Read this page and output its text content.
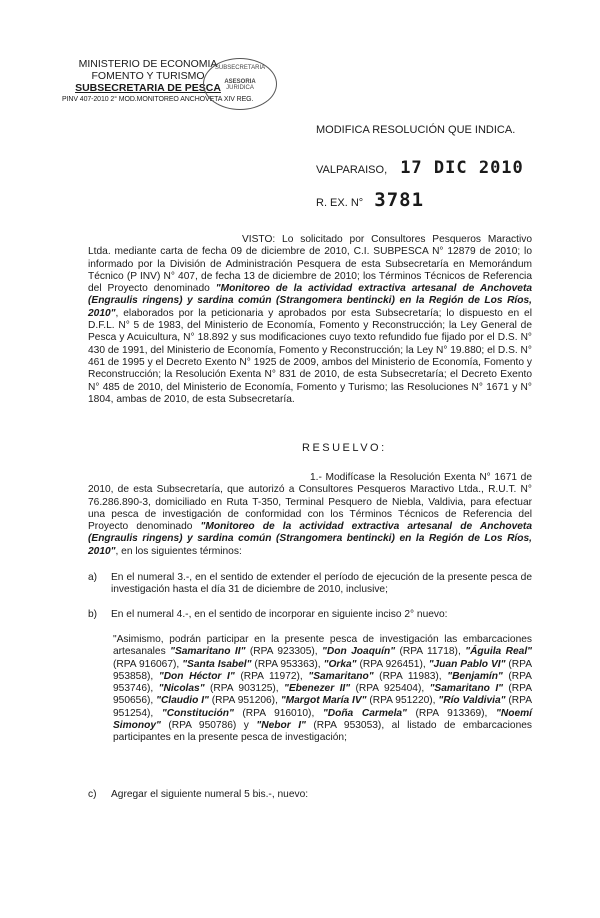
MINISTERIO DE ECONOMIA
FOMENTO Y TURISMO
SUBSECRETARIA DE PESCA
PINV 407-2010 2° MOD.MONITOREO ANCHOVETA XIV REG.
SUBSECRETARIA
ASESORIA
JURIDICA
MODIFICA RESOLUCIÓN QUE INDICA.
VALPARAISO, 17 DIC 2010
R. EX. N° 3781
VISTO: Lo solicitado por Consultores Pesqueros Maractivo Ltda. mediante carta de fecha 09 de diciembre de 2010, C.I. SUBPESCA N° 12879 de 2010; lo informado por la División de Administración Pesquera de esta Subsecretaría en Memorándum Técnico (P INV) N° 407, de fecha 13 de diciembre de 2010; los Términos Técnicos de Referencia del Proyecto denominado "Monitoreo de la actividad extractiva artesanal de Anchoveta (Engraulis ringens) y sardina común (Strangomera bentincki) en la Región de Los Ríos, 2010", elaborados por la peticionaria y aprobados por esta Subsecretaría; lo dispuesto en el D.F.L. N° 5 de 1983, del Ministerio de Economía, Fomento y Reconstrucción; la Ley General de Pesca y Acuicultura, N° 18.892 y sus modificaciones cuyo texto refundido fue fijado por el D.S. N° 430 de 1991, del Ministerio de Economía, Fomento y Reconstrucción; la Ley N° 19.880; el D.S. N° 461 de 1995 y el Decreto Exento N° 1925 de 2009, ambos del Ministerio de Economía, Fomento y Reconstrucción; la Resolución Exenta N° 831 de 2010, de esta Subsecretaría; el Decreto Exento N° 485 de 2010, del Ministerio de Economía, Fomento y Turismo; las Resoluciones N° 1671 y N° 1804, ambas de 2010, de esta Subsecretaría.
RESUELVO:
1.- Modifícase la Resolución Exenta N° 1671 de 2010, de esta Subsecretaría, que autorizó a Consultores Pesqueros Maractivo Ltda., R.U.T. N° 76.286.890-3, domiciliado en Ruta T-350, Terminal Pesquero de Niebla, Valdivia, para efectuar una pesca de investigación de conformidad con los Términos Técnicos de Referencia del Proyecto denominado "Monitoreo de la actividad extractiva artesanal de Anchoveta (Engraulis ringens) y sardina común (Strangomera bentincki) en la Región de Los Ríos, 2010", en los siguientes términos:
a) En el numeral 3.-, en el sentido de extender el período de ejecución de la presente pesca de investigación hasta el día 31 de diciembre de 2010, inclusive;
b) En el numeral 4.-, en el sentido de incorporar en siguiente inciso 2° nuevo:
"Asimismo, podrán participar en la presente pesca de investigación las embarcaciones artesanales "Samaritano II" (RPA 923305), "Don Joaquín" (RPA 11718), "Águila Real" (RPA 916067), "Santa Isabel" (RPA 953363), "Orka" (RPA 926451), "Juan Pablo VI" (RPA 953858), "Don Héctor I" (RPA 11972), "Samaritano" (RPA 11983), "Benjamín" (RPA 953746), "Nicolas" (RPA 903125), "Ebenezer II" (RPA 925404), "Samaritano I" (RPA 950656), "Claudio I" (RPA 951206), "Margot María IV" (RPA 951220), "Río Valdivia" (RPA 951254), "Constitución" (RPA 916010), "Doña Carmela" (RPA 913369), "Noemí Simonoy" (RPA 950786) y "Nebor I" (RPA 953053), al listado de embarcaciones participantes en la presente pesca de investigación;
c) Agregar el siguiente numeral 5 bis.-, nuevo:
